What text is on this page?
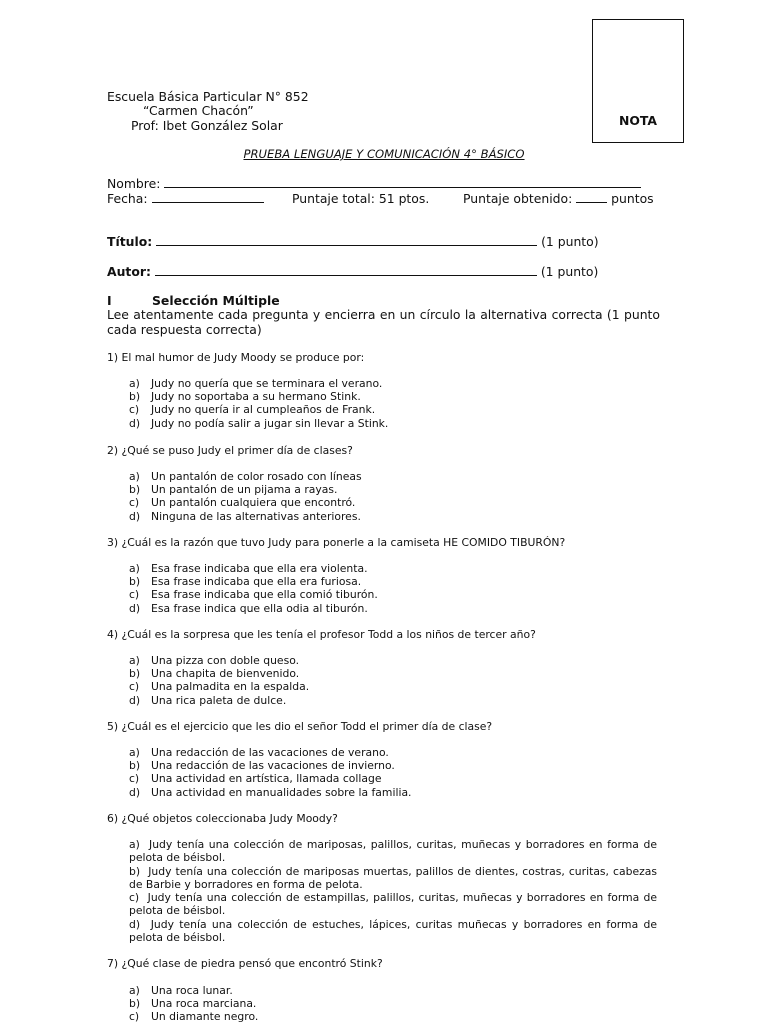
Escuela Básica Particular N° 852
“Carmen Chacón”
Prof: Ibet González Solar	NOTA
PRUEBA LENGUAJE Y COMUNICACIÓN 4° BÁSICO
Nombre:
Fecha:	Puntaje total: 51 ptos.	Puntaje obtenido:	puntos
Título:	(1 punto)
Autor:	(1 punto)
I	Selección Múltiple
Lee atentamente cada pregunta y encierra en un círculo la alternativa correcta (1 punto cada respuesta correcta)
1) El mal humor de Judy Moody se produce por:
a)	Judy no quería que se terminara el verano.
b)	Judy no soportaba a su hermano Stink.
c)	Judy no quería ir al cumpleaños de Frank.
d)	Judy no podía salir a jugar sin llevar a Stink.
2) ¿Qué se puso Judy el primer día de clases?
a)	Un pantalón de color rosado con líneas
b)	Un pantalón de un pijama a rayas.
c)	Un pantalón cualquiera que encontró.
d)	Ninguna de las alternativas anteriores.
3) ¿Cuál es la razón que tuvo Judy para ponerle a la camiseta HE COMIDO TIBURÓN?
a)	Esa frase indicaba que ella era violenta.
b)	Esa frase indicaba que ella era furiosa.
c)	Esa frase indicaba que ella comió tiburón.
d)	Esa frase indica que ella odia al tiburón.
4) ¿Cuál es la sorpresa que les tenía el profesor Todd a los niños de tercer año?
a)	Una pizza con doble queso.
b)	Una chapita de bienvenido.
c)	Una palmadita en la espalda.
d)	Una rica paleta de dulce.
5) ¿Cuál es el ejercicio que les dio el señor Todd el primer día de clase?
a)	Una redacción de las vacaciones de verano.
b)	Una redacción de las vacaciones de invierno.
c)	Una actividad en artística, llamada collage
d)	Una actividad en manualidades sobre la familia.
6) ¿Qué objetos coleccionaba Judy Moody?
a) Judy tenía una colección de mariposas, palillos, curitas, muñecas y borradores en forma de pelota de béisbol.
b) Judy tenía una colección de mariposas muertas, palillos de dientes, costras, curitas, cabezas de Barbie y borradores en forma de pelota.
c) Judy tenía una colección de estampillas, palillos, curitas, muñecas y borradores en forma de pelota de béisbol.
d) Judy tenía una colección de estuches, lápices, curitas muñecas y borradores en forma de pelota de béisbol.
7) ¿Qué clase de piedra pensó que encontró Stink?
a)	Una roca lunar.
b)	Una roca marciana.
c)	Un diamante negro.
